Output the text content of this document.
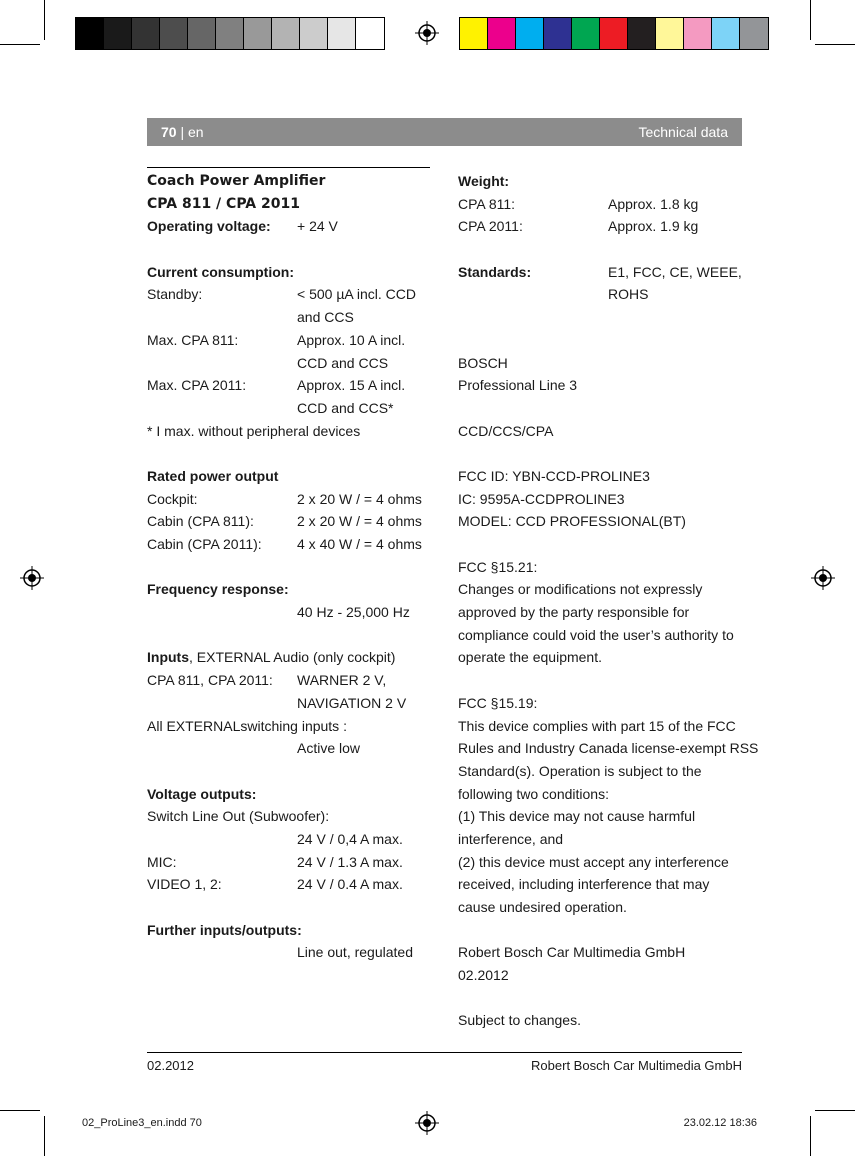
70 | en	Technical data
Coach Power Amplifier
CPA 811 / CPA 2011
Operating voltage: + 24 V
Current consumption:
Standby:	< 500 µA incl. CCD
and CCS
Max. CPA 811:	Approx. 10 A incl.
CCD and CCS
Max. CPA 2011:	Approx. 15 A incl.
CCD and CCS*
* I max. without peripheral devices
Rated power output
Cockpit:	2 x 20 W / = 4 ohms
Cabin (CPA 811):	2 x 20 W / = 4 ohms
Cabin (CPA 2011):	4 x 40 W / = 4 ohms
Frequency response:
40 Hz - 25,000 Hz
Inputs, EXTERNAL Audio (only cockpit)
CPA 811, CPA 2011: WARNER 2 V,
NAVIGATION 2 V
All EXTERNALswitching inputs :
Active low
Voltage outputs:
Switch Line Out (Subwoofer):
24 V / 0,4 A max.
MIC:	24 V / 1.3 A max.
VIDEO 1, 2:	24 V / 0.4 A max.
Further inputs/outputs:
Line out, regulated
Weight:
CPA 811:	Approx. 1.8 kg
CPA 2011:	Approx. 1.9 kg
Standards:	E1, FCC, CE, WEEE,
ROHS
BOSCH
Professional Line 3
CCD/CCS/CPA
FCC ID: YBN-CCD-PROLINE3
IC: 9595A-CCDPROLINE3
MODEL: CCD PROFESSIONAL(BT)
FCC §15.21:
Changes or modifications not expressly
approved by the party responsible for
compliance could void the user’s authority to
operate the equipment.
FCC §15.19:
This device complies with part 15 of the FCC
Rules and Industry Canada license-exempt RSS
Standard(s). Operation is subject to the
following two conditions:
(1) This device may not cause harmful
interference, and
(2) this device must accept any interference
received, including interference that may
cause undesired operation.
Robert Bosch Car Multimedia GmbH
02.2012
Subject to changes.
02.2012	Robert Bosch Car Multimedia GmbH
02_ProLine3_en.indd 70	23.02.12 18:36
